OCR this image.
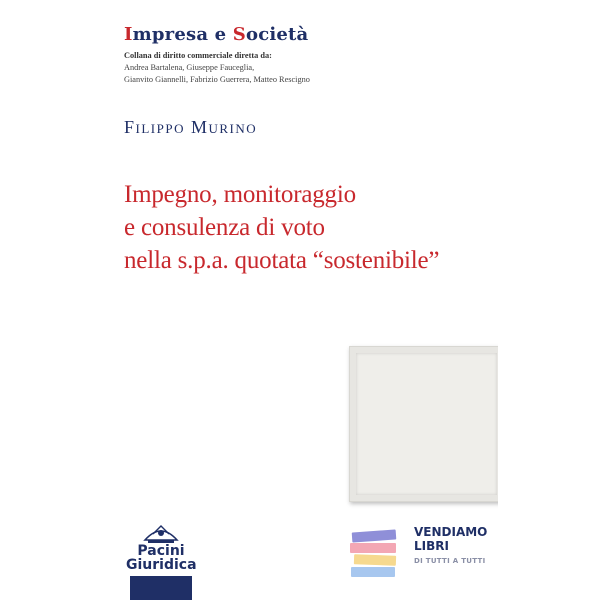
Impresa e Società
Collana di diritto commerciale diretta da:
Andrea Bartalena, Giuseppe Fauceglia,
Gianvito Giannelli, Fabrizio Guerrera, Matteo Rescigno
Filippo Murino
Impegno, monitoraggio
e consulenza di voto
nella s.p.a. quotata “sostenibile”
Pacini
Giuridica
VENDIAMO
LIBRI
DI TUTTI A TUTTI
